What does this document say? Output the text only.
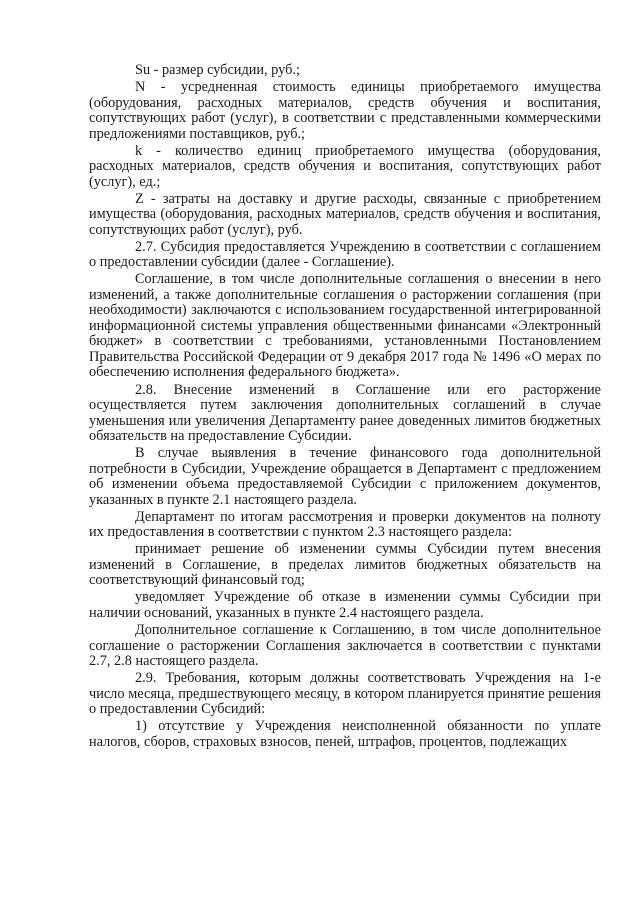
Su - размер субсидии, руб.;

N - усредненная стоимость единицы приобретаемого имущества (оборудования, расходных материалов, средств обучения и воспитания, сопутствующих работ (услуг), в соответствии с представленными коммерческими предложениями поставщиков, руб.;

k - количество единиц приобретаемого имущества (оборудования, расходных материалов, средств обучения и воспитания, сопутствующих работ (услуг), ед.;

Z - затраты на доставку и другие расходы, связанные с приобретением имущества (оборудования, расходных материалов, средств обучения и воспитания, сопутствующих работ (услуг), руб.

2.7. Субсидия предоставляется Учреждению в соответствии с соглашением о предоставлении субсидии (далее - Соглашение).

Соглашение, в том числе дополнительные соглашения о внесении в него изменений, а также дополнительные соглашения о расторжении соглашения (при необходимости) заключаются с использованием государственной интегрированной информационной системы управления общественными финансами «Электронный бюджет» в соответствии с требованиями, установленными Постановлением Правительства Российской Федерации от 9 декабря 2017 года № 1496 «О мерах по обеспечению исполнения федерального бюджета».

2.8. Внесение изменений в Соглашение или его расторжение осуществляется путем заключения дополнительных соглашений в случае уменьшения или увеличения Департаменту ранее доведенных лимитов бюджетных обязательств на предоставление Субсидии.

В случае выявления в течение финансового года дополнительной потребности в Субсидии, Учреждение обращается в Департамент с предложением об изменении объема предоставляемой Субсидии с приложением документов, указанных в пункте 2.1 настоящего раздела.

Департамент по итогам рассмотрения и проверки документов на полноту их предоставления в соответствии с пунктом 2.3 настоящего раздела:

принимает решение об изменении суммы Субсидии путем внесения изменений в Соглашение, в пределах лимитов бюджетных обязательств на соответствующий финансовый год;

уведомляет Учреждение об отказе в изменении суммы Субсидии при наличии оснований, указанных в пункте 2.4 настоящего раздела.

Дополнительное соглашение к Соглашению, в том числе дополнительное соглашение о расторжении Соглашения заключается в соответствии с пунктами 2.7, 2.8 настоящего раздела.

2.9. Требования, которым должны соответствовать Учреждения на 1-е число месяца, предшествующего месяцу, в котором планируется принятие решения о предоставлении Субсидий:

1) отсутствие у Учреждения неисполненной обязанности по уплате налогов, сборов, страховых взносов, пеней, штрафов, процентов, подлежащих
